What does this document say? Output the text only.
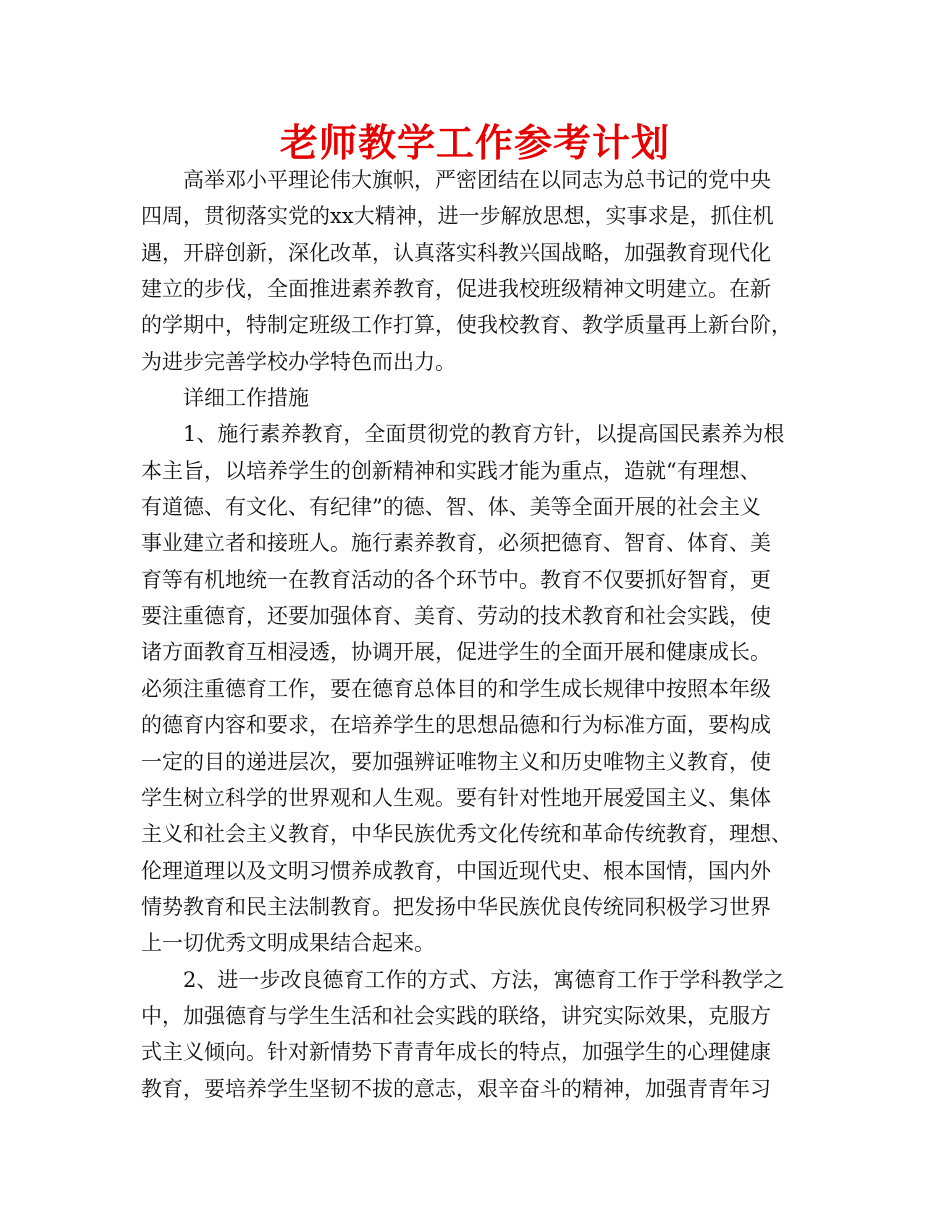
老师教学工作参考计划
高举邓小平理论伟大旗帜，严密团结在以同志为总书记的党中央
四周，贯彻落实党的xx大精神，进一步解放思想，实事求是，抓住机
遇，开辟创新，深化改革，认真落实科教兴国战略，加强教育现代化
建立的步伐，全面推进素养教育，促进我校班级精神文明建立。在新
的学期中，特制定班级工作打算，使我校教育、教学质量再上新台阶，
为进步完善学校办学特色而出力。
详细工作措施
1、施行素养教育，全面贯彻党的教育方针，以提高国民素养为根
本主旨，以培养学生的创新精神和实践才能为重点，造就“有理想、
有道德、有文化、有纪律”的德、智、体、美等全面开展的社会主义
事业建立者和接班人。施行素养教育，必须把德育、智育、体育、美
育等有机地统一在教育活动的各个环节中。教育不仅要抓好智育，更
要注重德育，还要加强体育、美育、劳动的技术教育和社会实践，使
诸方面教育互相浸透，协调开展，促进学生的全面开展和健康成长。
必须注重德育工作，要在德育总体目的和学生成长规律中按照本年级
的德育内容和要求，在培养学生的思想品德和行为标准方面，要构成
一定的目的递进层次，要加强辨证唯物主义和历史唯物主义教育，使
学生树立科学的世界观和人生观。要有针对性地开展爱国主义、集体
主义和社会主义教育，中华民族优秀文化传统和革命传统教育，理想、
伦理道理以及文明习惯养成教育，中国近现代史、根本国情，国内外
情势教育和民主法制教育。把发扬中华民族优良传统同积极学习世界
上一切优秀文明成果结合起来。
2、进一步改良德育工作的方式、方法，寓德育工作于学科教学之
中，加强德育与学生生活和社会实践的联络，讲究实际效果，克服方
式主义倾向。针对新情势下青青年成长的特点，加强学生的心理健康
教育，要培养学生坚韧不拔的意志，艰辛奋斗的精神，加强青青年习
